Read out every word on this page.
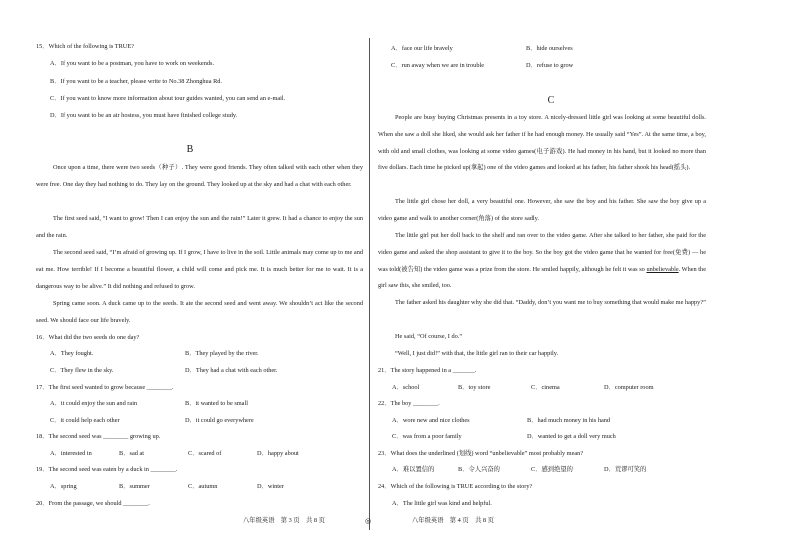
15．Which of the following is TRUE?
A．If you want to be a postman, you have to work on weekends.
B．If you want to be a teacher, please write to No.38 Zhonghua Rd.
C．If you want to know more information about tour guides wanted, you can send an e-mail.
D．If you want to be an air hostess, you must have finished college study.
B
Once upon a time, there were two seeds（种子）. They were good friends. They often talked with each other when they were free. One day they had nothing to do. They lay on the ground. They looked up at the sky and had a chat with each other.
The first seed said, “I want to grow! Then I can enjoy the sun and the rain!” Later it grew. It had a chance to enjoy the sun and the rain.
The second seed said, “I’m afraid of growing up. If I grow, I have to live in the soil. Little animals may come up to me and eat me. How terrible! If I become a beautiful flower, a child will come and pick me. It is much better for me to wait. It is a dangerous way to be alive.” It did nothing and refused to grow.
Spring came soon. A duck came up to the seeds. It ate the second seed and went away. We shouldn’t act like the second seed. We should face our life bravely.
16．What did the two seeds do one day?
A．They fought.	B．They played by the river.
C．They flew in the sky.	D．They had a chat with each other.
17．The first seed wanted to grow because ________.
A．it could enjoy the sun and rain	B．it wanted to be small
C．it could help each other	D．it could go everywhere
18．The second seed was ________ growing up.
A．interested in	B．sad at	C．scared of	D．happy about
19．The second seed was eaten by a duck in ________.
A．spring	B．summer	C．autumn	D．winter
20．From the passage, we should ________.
A．face our life bravely	B．hide ourselves
C．run away when we are in trouble	D．refuse to grow
C
People are busy buying Christmas presents in a toy store. A nicely-dressed little girl was looking at some beautiful dolls. When she saw a doll she liked, she would ask her father if he had enough money. He usually said “Yes”. At the same time, a boy, with old and small clothes, was looking at some video games(电子游戏). He had money in his hand, but it looked no more than five dollars. Each time he picked up(拿起) one of the video games and looked at his father, his father shook his head(摇头).
The little girl chose her doll, a very beautiful one. However, she saw the boy and his father. She saw the boy give up a video game and walk to another corner(角落) of the store sadly.
The little girl put her doll back to the shelf and ran over to the video game. After she talked to her father, she paid for the video game and asked the shop assistant to give it to the boy. So the boy got the video game that he wanted for free(免费) — he was told(被告知) the video game was a prize from the store. He smiled happily, although he felt it was so unbelievable. When the girl saw this, she smiled, too.
The father asked his daughter why she did that. “Daddy, don’t you want me to buy something that would make me happy?”
He said, “Of course, I do.”
“Well, I just did!” with that, the little girl ran to their car happily.
21．The story happened in a _______.
A．school	B．toy store	C．cinema	D．computer room
22．The boy ________.
A．wore new and nice clothes	B．had much money in his hand
C．was from a poor family	D．wanted to get a doll very much
23．What does the underlined (划线) word “unbelievable” most probably mean?
A．难以置信的	B．令人兴奋的	C．感到绝望的	D．荒谬可笑的
24．Which of the following is TRUE according to the story?
A．The little girl was kind and helpful.
八年级英语　第 3 页　共 8 页	◎	八年级英语　第 4 页　共 8 页
